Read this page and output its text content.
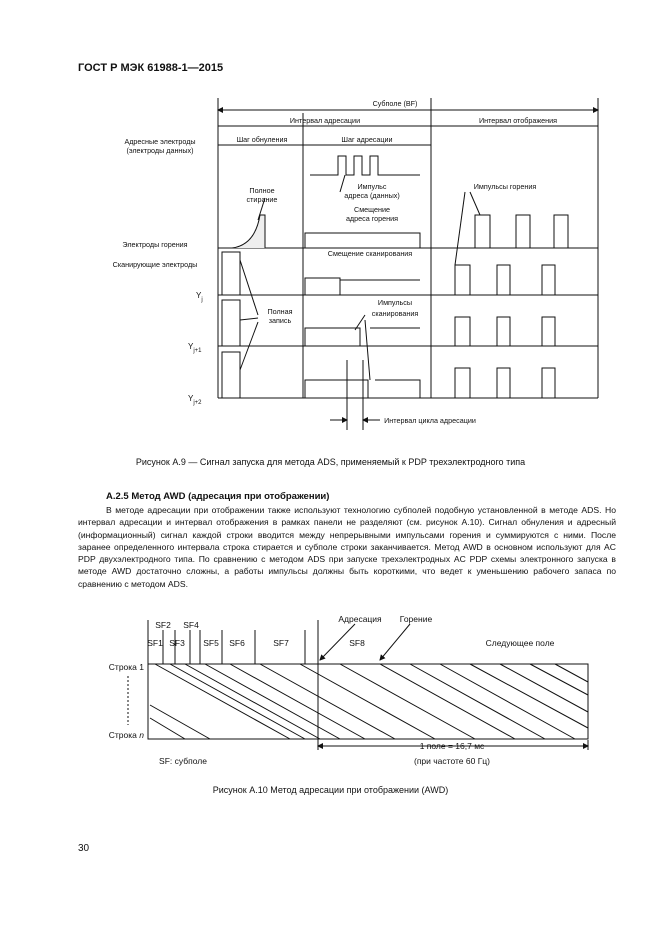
ГОСТ Р МЭК 61988-1—2015
Субполе (ВF)
Интервал адресации	Интервал отображения
Шаг обнуления	Шаг адресации
Адресные электроды
(электроды данных)
Полное
стирание
Импульс
адреса (данных)
Смещение
адреса горения
Импульсы горения
Электроды горения
Смещение сканирования
Сканирующие электроды
Полная
запись
Импульсы
сканирования
Интервал цикла адресации
$Y_j$
$Y_{j+1}$
$Y_{j+2}$
SF1
SF2
SF3
SF4
SF5 SF6	SF7	SF8
Адресация Горение
Следующее поле
1 поле = 16,7 мс
(при частоте 60 Гц)
SF: субполе
Строка 1
Строка n
Рисунок А.9 — Сигнал запуска для метода ADS, применяемый к PDP трехэлектродного типа
А.2.5 Метод AWD (адресация при отображении)
В методе адресации при отображении также используют технологию субполей подобную установленной в методе ADS. Но интервал адресации и интервал отображения в рамках панели не разделяют (см. рисунок А.10). Сигнал обнуления и адресный (информационный) сигнал каждой строки вводится между непрерывными импульсами горения и суммируются с ними. После заранее определенного интервала строка стирается и субполе строки заканчивается. Метод AWD в основном используют для AC PDP двухэлектродного типа. По сравнению с методом ADS при запуске трехэлектродных AC PDP схемы электронного запуска в методе AWD достаточно сложны, а работы импульсы должны быть короткими, что ведет к уменьшению рабочего запаса по сравнению с методом ADS.
Рисунок А.10 Метод адресации при отображении (AWD)
30
